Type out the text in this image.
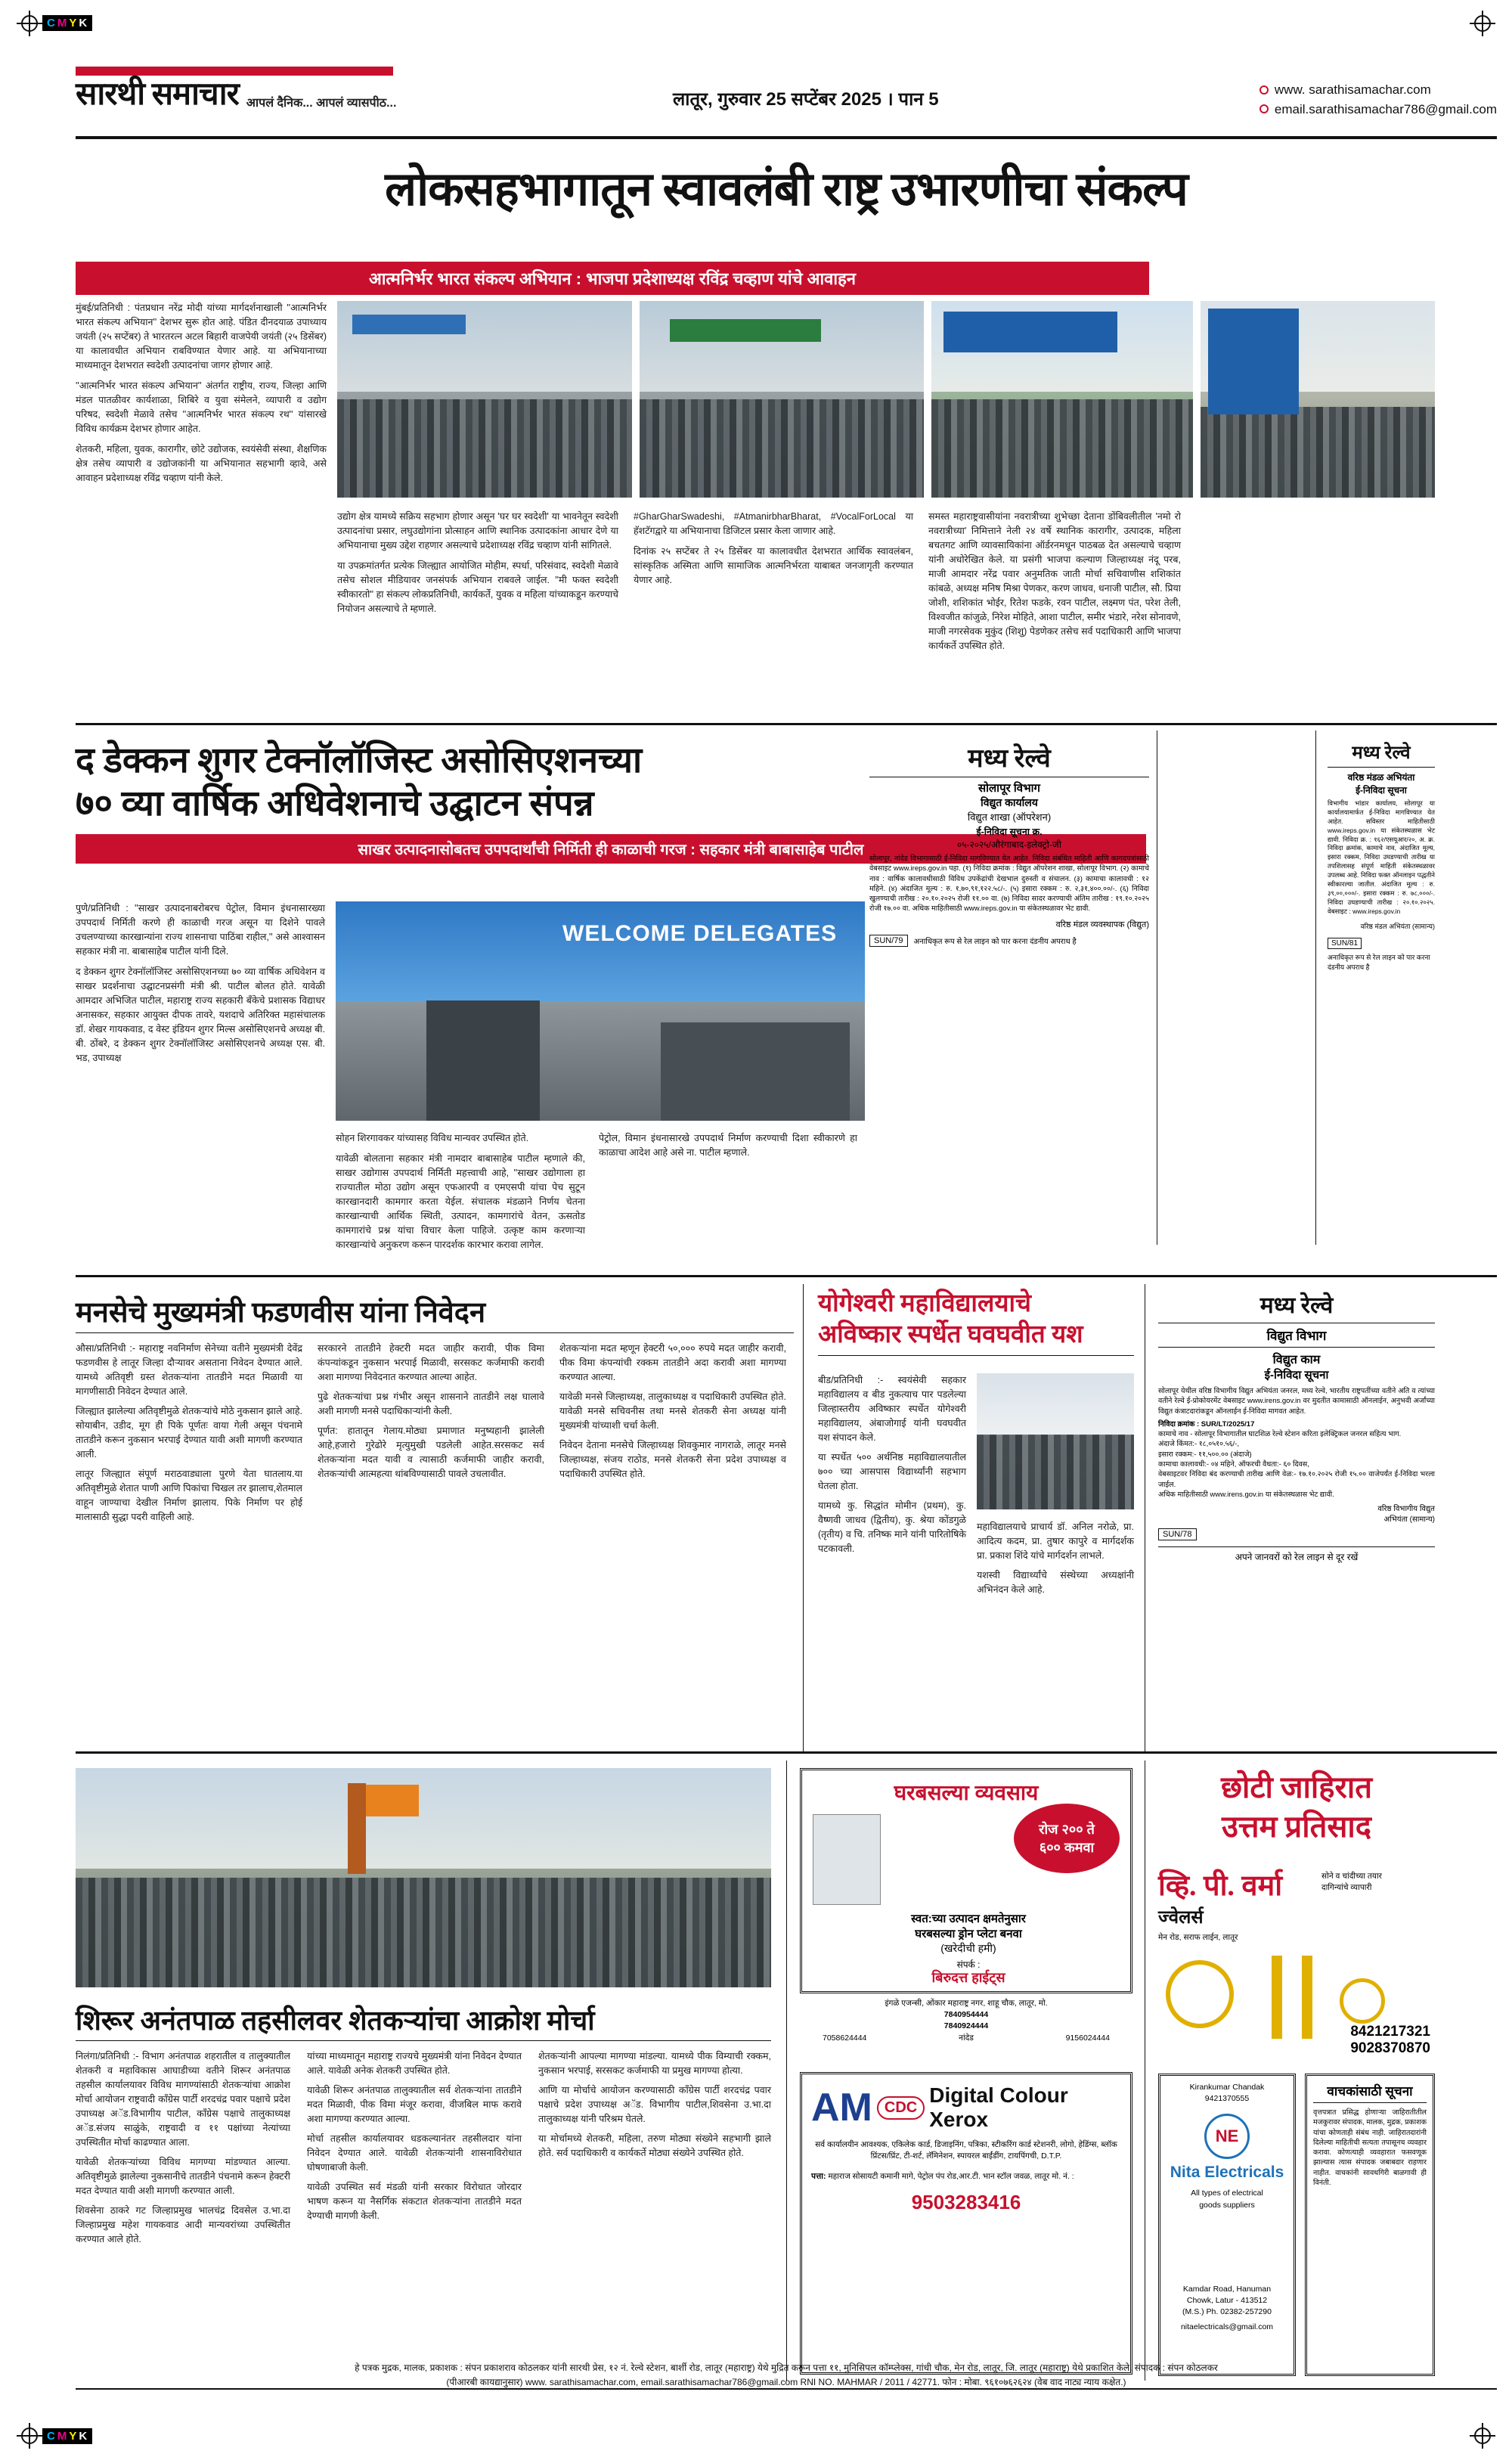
C M Y K
C M Y K
सारथी समाचार आपलं दैनिक... आपलं व्यासपीठ...	लातूर, गुरुवार 25 सप्टेंबर 2025 । पान 5	www. sarathisamachar.com
email.sarathisamachar786@gmail.com
लोकसहभागातून स्वावलंबी राष्ट्र उभारणीचा संकल्प
आत्मनिर्भर भारत संकल्प अभियान : भाजपा प्रदेशाध्यक्ष रविंद्र चव्हाण यांचे आवाहन

मुंबई/प्रतिनिधी : पंतप्रधान नरेंद्र मोदी यांच्या मार्गदर्शनाखाली ''आत्मनिर्भर भारत संकल्प अभियान'' देशभर सुरू होत आहे. पंडित दीनदयाळ उपाध्याय जयंती (२५ सप्टेंबर) ते भारतरत्न अटल बिहारी वाजपेयी जयंती (२५ डिसेंबर) या कालावधीत अभियान राबविण्यात येणार आहे. या अभियानाच्या माध्यमातून देशभरात स्वदेशी उत्पादनांचा जागर होणार आहे.

''आत्मनिर्भर भारत संकल्प अभियान'' अंतर्गत राष्ट्रीय, राज्य, जिल्हा आणि मंडल पातळीवर कार्यशाळा, शिबिरे व युवा संमेलने, व्यापारी व उद्योग परिषद, स्वदेशी मेळावे तसेच ''आत्मनिर्भर भारत संकल्प रथ'' यांसारखे विविध कार्यक्रम देशभर होणार आहेत.

शेतकरी, महिला, युवक, कारागीर, छोटे उद्योजक, स्वयंसेवी संस्था, शैक्षणिक क्षेत्र तसेच व्यापारी व उद्योजकांनी या अभियानात सहभागी व्हावे, असे आवाहन प्रदेशाध्यक्ष रविंद्र चव्हाण यांनी केले.

उद्योग क्षेत्र यामध्ये सक्रिय सहभाग होणार असून 'घर घर स्वदेशी' या भावनेतून स्वदेशी उत्पादनांचा प्रसार, लघुउद्योगांना प्रोत्साहन आणि स्थानिक उत्पादकांना आधार देणे या अभियानाचा मुख्य उद्देश राहणार असल्याचे प्रदेशाध्यक्ष रविंद्र चव्हाण यांनी सांगितले.

या उपक्रमांतर्गत प्रत्येक जिल्ह्यात आयोजित मोहीम, स्पर्धा, परिसंवाद, स्वदेशी मेळावे तसेच सोशल मीडियावर जनसंपर्क अभियान राबवले जाईल. ''मी फक्त स्वदेशी स्वीकारतो'' हा संकल्प लोकप्रतिनिधी, कार्यकर्ते, युवक व महिला यांच्याकडून करण्याचे नियोजन असल्याचे ते म्हणाले.

#GharGharSwadeshi, #AtmanirbharBharat, #VocalForLocal या हॅशटॅगद्वारे या अभियानाचा डिजिटल प्रसार केला जाणार आहे.

दिनांक २५ सप्टेंबर ते २५ डिसेंबर या कालावधीत देशभरात आर्थिक स्वावलंबन, सांस्कृतिक अस्मिता आणि सामाजिक आत्मनिर्भरता याबाबत जनजागृती करण्यात येणार आहे.

समस्त महाराष्ट्रवासीयांना नवरात्रीच्या शुभेच्छा देताना डोंबिवलीतील 'नमो रो नवरात्रीच्या' निमित्ताने नेली २४ वर्षे स्थानिक कारागीर, उत्पादक, महिला बचतगट आणि व्यावसायिकांना ऑर्डरनमधून पाठबळ देत असल्याचे चव्हाण यांनी अधोरेखित केले. या प्रसंगी भाजपा कल्याण जिल्हाध्यक्ष नंदू परब, माजी आमदार नरेंद्र पवार अनुमतिक जाती मोर्चा सचिवाणीस शशिकांत कांबळे, अध्यक्ष मनिष मिश्रा पेणकर, करण जाधव, धनाजी पाटील, सौ. प्रिया जोशी, शशिकांत भोईर, रितेश फडके, रवन पाटील, लक्ष्मण पंत, परेश तेली, विश्वजीत कांजुळे, निरेश मोहिते, आशा पाटील, समीर भंडारे, नरेश सोनावणे, माजी नगरसेवक मुकुंद (शिशु) पेडणेकर तसेच सर्व पदाधिकारी आणि भाजपा कार्यकर्ते उपस्थित होते.

द डेक्कन शुगर टेक्नॉलॉजिस्ट असोसिएशनच्या
७० व्या वार्षिक अधिवेशनाचे उद्घाटन संपन्न
साखर उत्पादनासोबतच उपपदार्थांची निर्मिती ही काळाची गरज : सहकार मंत्री बाबासाहेब पाटील

पुणे/प्रतिनिधी : ''साखर उत्पादनाबरोबरच पेट्रोल, विमान इंधनासारख्या उपपदार्थ निर्मिती करणे ही काळाची गरज असून या दिशेने पावले उचलण्याच्या कारखान्यांना राज्य शासनाचा पाठिंबा राहील,'' असे आश्वासन सहकार मंत्री ना. बाबासाहेब पाटील यांनी दिले.

द डेक्कन शुगर टेक्नॉलॉजिस्ट असोसिएशनच्या ७० व्या वार्षिक अधिवेशन व साखर प्रदर्शनाचा उद्घाटनप्रसंगी मंत्री श्री. पाटील बोलत होते. यावेळी आमदार अभिजित पाटील, महाराष्ट्र राज्य सहकारी बँकेचे प्रशासक विद्याधर अनासकर, सहकार आयुक्त दीपक तावरे, यशदाचे अतिरिक्त महासंचालक डॉ. शेखर गायकवाड, द वेस्ट इंडियन शुगर मिल्स असोसिएशनचे अध्यक्ष बी. बी. ठोंबरे, द डेक्कन शुगर टेक्नॉलॉजिस्ट असोसिएशनचे अध्यक्ष एस. बी. भड, उपाध्यक्ष

WELCOME DELEGATES

सोहन शिरगावकर यांच्यासह विविध मान्यवर उपस्थित होते.

यावेळी बोलताना सहकार मंत्री नामदार बाबासाहेब पाटील म्हणाले की, साखर उद्योगास उपपदार्थ निर्मिती महत्त्वाची आहे, ''साखर उद्योगाला हा राज्यातील मोठा उद्योग असून एफआरपी व एमएसपी यांचा पेच सुटून कारखानदारी कामगार करता येईल. संचालक मंडळाने निर्णय चेतना कारखान्याची आर्थिक स्थिती, उत्पादन, कामगारांचे वेतन, ऊसतोड कामगारांचे प्रश्न यांचा विचार केला पाहिजे. उत्कृष्ट काम करणाऱ्या कारखान्यांचे अनुकरण करून पारदर्शक कारभार करावा लागेल.

पेट्रोल, विमान इंधनासारखे उपपदार्थ निर्माण करण्याची दिशा स्वीकारणे हा काळाचा आदेश आहे असे ना. पाटील म्हणाले.

मध्य रेल्वे
सोलापूर विभाग
विद्युत कार्यालय
विद्युत शाखा (ऑपरेशन)
ई-निविदा सूचना क्र.
०५-२०२५/औरंगाबाद-इलेक्ट्रो-जी
सोलापूर, नांदेड विभागासाठी ई-निविदा मागविण्यात येत आहेत. निविदा संबंधित माहिती आणि कागदपत्रांसाठी वेबसाइट www.ireps.gov.in पहा. (१) निविदा क्रमांक : विद्युत ऑपरेशन शाखा, सोलापूर विभाग. (२) कामाचे नाव : वार्षिक कालावधीसाठी विविध उपकेंद्रांची देखभाल दुरुस्ती व संचालन. (३) कामाचा कालावधी : १२ महिने. (४) अंदाजित मूल्य : रु. १,७०,९१,१२२.५८/-. (५) इसारा रक्कम : रु. २,३१,४००.००/-. (६) निविदा खुलण्याची तारीख : २०.१०.२०२५ रोजी ११.०० वा. (७) निविदा सादर करण्याची अंतिम तारीख : १९.१०.२०२५ रोजी १७.०० वा. अधिक माहितीसाठी www.ireps.gov.in या संकेतस्थळावर भेट द्यावी.
वरिष्ठ मंडल व्यवस्थापक (विद्युत)
SUN/79	अनाधिकृत रूप से रेल लाइन को पार करना दंडनीय अपराध है
मध्य रेल्वे
वरिष्ठ मंडळ अभियंता
ई-निविदा सूचना
विभागीय भांडार कार्यालय, सोलापूर या कार्यालयामार्फत ई-निविदा मागविण्यात येत आहेत. सविस्तर माहितीसाठी www.ireps.gov.in या संकेतस्थळास भेट द्यावी. निविदा क्र. : १६२/एसयूआर/२०, अ. क्र. निविदा क्रमांक, कामाचे नाव, अंदाजित मूल्य, इसारा रक्कम, निविदा उघडण्याची तारीख या तपशिलासह संपूर्ण माहिती संकेतस्थळावर उपलब्ध आहे. निविदा फक्त ऑनलाइन पद्धतीने स्वीकारल्या जातील. अंदाजित मूल्य : रु. ३९,००,०००/-. इसारा रक्कम : रु. ७८,०००/-. निविदा उघडण्याची तारीख : २०.१०.२०२५. वेबसाइट : www.ireps.gov.in
वरिष्ठ मंडल अभियंता (सामान्य)
SUN/81
अनाधिकृत रूप से रेल लाइन को पार करना दंडनीय अपराध है
मनसेचे मुख्यमंत्री फडणवीस यांना निवेदन

औसा/प्रतिनिधी :- महाराष्ट्र नवनिर्माण सेनेच्या वतीने मुख्यमंत्री देवेंद्र फडणवीस हे लातूर जिल्हा दौऱ्यावर असताना निवेदन देण्यात आले. यामध्ये अतिवृष्टी ग्रस्त शेतकऱ्यांना तातडीने मदत मिळावी या मागणीसाठी निवेदन देण्यात आले.

जिल्ह्यात झालेल्या अतिवृष्टीमुळे शेतकऱ्यांचे मोठे नुकसान झाले आहे. सोयाबीन, उडीद, मूग ही पिके पूर्णतः वाया गेली असून पंचनामे तातडीने करून नुकसान भरपाई देण्यात यावी अशी मागणी करण्यात आली.

लातूर जिल्ह्यात संपूर्ण मराठवाड्याला पुरणे येता घातलाय.या अतिवृष्टीमुळे शेतात पाणी आणि पिकांचा चिखल तर झालाच,शेतमाल वाहून जाण्याचा देखील निर्माण झालाय. पिके निर्माण पर होई मालासाठी सुद्धा पदरी वाहिली आहे.

सरकारने तातडीने हेक्टरी मदत जाहीर करावी, पीक विमा कंपन्यांकडून नुकसान भरपाई मिळावी, सरसकट कर्जमाफी करावी अशा मागण्या निवेदनात करण्यात आल्या आहेत.

पुढे शेतकऱ्यांचा प्रश्न गंभीर असून शासनाने तातडीने लक्ष घालावे अशी मागणी मनसे पदाधिकाऱ्यांनी केली.

पूर्णत: हातातून गेलाय.मोठ्या प्रमाणात मनुष्यहानी झालेली आहे,हजारो गुरेढोरे मृत्युमुखी पडलेली आहेत.सरसकट सर्व शेतकऱ्यांना मदत यावी व त्यासाठी कर्जमाफी जाहीर करावी, शेतकऱ्यांची आत्महत्या थांबविण्यासाठी पावले उचलावीत.

शेतकऱ्यांना मदत म्हणून हेक्टरी ५०,००० रुपये मदत जाहीर करावी, पीक विमा कंपन्यांची रक्कम तातडीने अदा करावी अशा मागण्या करण्यात आल्या.

यावेळी मनसे जिल्हाध्यक्ष, तालुकाध्यक्ष व पदाधिकारी उपस्थित होते. यावेळी मनसे सचिवनीस तथा मनसे शेतकरी सेना अध्यक्ष यांनी मुख्यमंत्री यांच्याशी चर्चा केली.

निवेदन देताना मनसेचे जिल्हाध्यक्ष शिवकुमार नागराळे, लातूर मनसे जिल्हाध्यक्ष, संजय राठोड, मनसे शेतकरी सेना प्रदेश उपाध्यक्ष व पदाधिकारी उपस्थित होते.

योगेश्वरी महाविद्यालयाचे
अविष्कार स्पर्धेत घवघवीत यश

बीड/प्रतिनिधी :- स्वयंसेवी सहकार महाविद्यालय व बीड नुकत्याच पार पडलेल्या जिल्हास्तरीय अविष्कार स्पर्धेत योगेश्वरी महाविद्यालय, अंबाजोगाई यांनी घवघवीत यश संपादन केले.

या स्पर्धेत ५०० अर्थनिष्ठ महाविद्यालयातील ७०० च्या आसपास विद्यार्थ्यांनी सहभाग घेतला होता.

यामध्ये कु. सिद्धांत मोमीन (प्रथम), कु. वैष्णवी जाधव (द्वितीय), कु. श्रेया कोंडगुळे (तृतीय) व चि. तनिष्क माने यांनी पारितोषिके पटकावली.

महाविद्यालयाचे प्राचार्य डॉ. अनिल नरोळे, प्रा. आदित्य कदम, प्रा. तुषार कापुरे व मार्गदर्शक प्रा. प्रकाश शिंदे यांचे मार्गदर्शन लाभले.

यशस्वी विद्यार्थ्यांचे संस्थेच्या अध्यक्षांनी अभिनंदन केले आहे.

मध्य रेल्वे
विद्युत विभाग
विद्युत काम
ई-निविदा सूचना
सोलापूर येथील वरिष्ठ विभागीय विद्युत अभियंता जनरल, मध्य रेल्वे, भारतीय राष्ट्रपतींच्या वतीने अति व त्यांच्या वतीने रेल्वे ई-प्रोकोयरमेंट वेबसाइट www.irens.gov.in वर मुदतीत कामासाठी ऑनलाईन, अनुभवी अर्जांच्या विद्युत कंत्राटदारांकडून ऑनलाईन ई-निविदा मागवत आहेत.
निविदा क्रमांक : SUR/LT/2025/17
कामाचे नाव - सोलापूर विभागातील घाटशिळ रेल्वे स्टेशन करिता इलेक्ट्रिकल जनरल सहित्य भाग.
अंदाजे किंमत:- १८,०५१०.५६/-,
इसारा रक्कम:- ११,५००.०० (अंदाजे)
कामाचा कालावधी:- ०४ महिने, ऑफरची वैधता:- ६० दिवस,
वेबसाइटवर निविदा बंद करण्याची तारीख आणि वेळ:- १७.१०.२०२५ रोजी १५.०० वाजेपर्यंत ई-निविदा भरला जाईल.
अधिक माहितीसाठी www.irens.gov.in या संकेतस्थळास भेट द्यावी.
वरिष्ठ विभागीय विद्युत
अभियंता (सामान्य)
SUN/78
अपने जानवरों को रेल लाइन से दूर रखें
शिरूर अनंतपाळ तहसीलवर शेतकऱ्यांचा आक्रोश मोर्चा

निलंगा/प्रतिनिधी :- विभाग अनंतपाळ शहरातील व तालुक्यातील शेतकरी व महाविकास आघाडीच्या वतीने शिरूर अनंतपाळ तहसील कार्यालयावर विविध मागण्यांसाठी शेतकऱ्यांचा आक्रोश मोर्चा आयोजन राष्ट्रवादी काँग्रेस पार्टी शरदचंद्र पवार पक्षाचे प्रदेश उपाध्यक्ष अॅड.विभागीय पाटील, काँग्रेस पक्षाचे तालुकाध्यक्ष अॅड.संजय साळुंके, राष्ट्रवादी व ११ पक्षांच्या नेत्यांच्या उपस्थितीत मोर्चा काढण्यात आला.

यावेळी शेतकऱ्यांच्या विविध मागण्या मांडण्यात आल्या. अतिवृष्टीमुळे झालेल्या नुकसानीचे तातडीने पंचनामे करून हेक्टरी मदत देण्यात यावी अशी मागणी करण्यात आली.

शिवसेना ठाकरे गट जिल्हाप्रमुख भालचंद्र दिवसेल उ.भा.दा जिल्हाप्रमुख महेश गायकवाड आदी मान्यवरांच्या उपस्थितीत करण्यात आले होते.

यांच्या माध्यमातून महाराष्ट्र राज्यचे मुख्यमंत्री यांना निवेदन देण्यात आले. यावेळी अनेक शेतकरी उपस्थित होते.

यावेळी शिरूर अनंतपाळ तालुक्यातील सर्व शेतकऱ्यांना तातडीने मदत मिळावी, पीक विमा मंजूर करावा, वीजबिल माफ करावे अशा मागण्या करण्यात आल्या.

मोर्चा तहसील कार्यालयावर धडकल्यानंतर तहसीलदार यांना निवेदन देण्यात आले. यावेळी शेतकऱ्यांनी शासनाविरोधात घोषणाबाजी केली.

यावेळी उपस्थित सर्व मंडळी यांनी सरकार विरोधात जोरदार भाषण करून या नैसर्गिक संकटात शेतकऱ्यांना तातडीने मदत देण्याची मागणी केली.

शेतकऱ्यांनी आपल्या मागण्या मांडल्या. यामध्ये पीक विम्याची रक्कम, नुकसान भरपाई, सरसकट कर्जमाफी या प्रमुख मागण्या होत्या.

आणि या मोर्चाचे आयोजन करण्यासाठी काँग्रेस पार्टी शरदचंद्र पवार पक्षाचे प्रदेश उपाध्यक्ष अॅड. विभागीय पाटील,शिवसेना उ.भा.दा तालुकाध्यक्ष यांनी परिश्रम घेतले.

या मोर्चामध्ये शेतकरी, महिला, तरुण मोठ्या संख्येने सहभागी झाले होते. सर्व पदाधिकारी व कार्यकर्ते मोठ्या संख्येने उपस्थित होते.

घरबसल्या व्यवसाय
रोज २०० ते
६०० कमवा
स्वत:च्या उत्पादन क्षमतेनुसार
घरबसल्या ड्रोन प्लेटा बनवा
(खरेदीची हमी)
संपर्क :
बिरुदत्त हाईट्स
इंगळे एजन्सी, ओंकार महाराष्ट्र नगर, शाहू चौक, लातूर, मो.
7840954444
7840924444
7058624444	नांदेड	9156024444
AM CDC
Digital Colour Xerox
सर्व कार्यालयीन आवश्यक, एकिलेक कार्ड, डिजाइनिंग, पत्रिका, स्टीकरिंग कार्ड स्टेशनरी, लोगो, हेडिंग्स, ब्लॉक प्रिंटस/प्रिंट, टी-शर्ट, लॅमिनेशन, स्पायरल बाईंडींग, टायपिंगची, D.T.P.
पत्ता: महाराज सोसायटी कमानी मागे, पेट्रोल पंप रोड,आर.टी. भान स्टॉल जवळ, लातूर मो. नं. :
9503283416
छोटी जाहिरात
उत्तम प्रतिसाद
व्हि. पी. वर्मा
ज्वेलर्स
सोने व चांदीच्या तयार
दागिन्यांचे व्यापारी
मेन रोड, सराफ लाईन, लातूर
8421217321
9028370870
Kirankumar Chandak
9421370555
NE
Nita Electricals
All types of electrical
goods suppliers
Kamdar Road, Hanuman
Chowk, Latur - 413512
(M.S.) Ph. 02382-257290
nitaelectricals@gmail.com
वाचकांसाठी सूचना
वृत्तपत्रात प्रसिद्ध होणाऱ्या जाहिरातीतील मजकुरावर संपादक, मालक, मुद्रक, प्रकाशक यांचा कोणताही संबंध नाही. जाहिरातदारांनी दिलेल्या माहितीची सत्यता तपासूनच व्यवहार करावा. कोणत्याही व्यवहारात फसवणूक झाल्यास त्यास संपादक जबाबदार राहणार नाहीत. वाचकांनी सावधगिरी बाळगावी ही विनंती.
हे पत्रक मुद्रक, मालक, प्रकाशक : संपन प्रकाशराव कोठलकर यांनी सारथी प्रेस, १२ नं. रेल्वे स्टेशन, बार्शी रोड, लातूर (महाराष्ट्र) येथे मुद्रित करून पत्ता ११, मुनिसिपल कॉम्प्लेक्स, गांधी चौक, मेन रोड, लातूर, जि. लातूर (महाराष्ट्र) येथे प्रकाशित केले. संपादक : संपन कोठलकर
(पीआरबी कायद्यानुसार) www. sarathisamachar.com, email.sarathisamachar786@gmail.com RNI NO. MAHMAR / 2011 / 42771. फोन : मोबा. ९६१०७६२६२४ (वेब वाद नाट्य न्याय कक्षेत.)
